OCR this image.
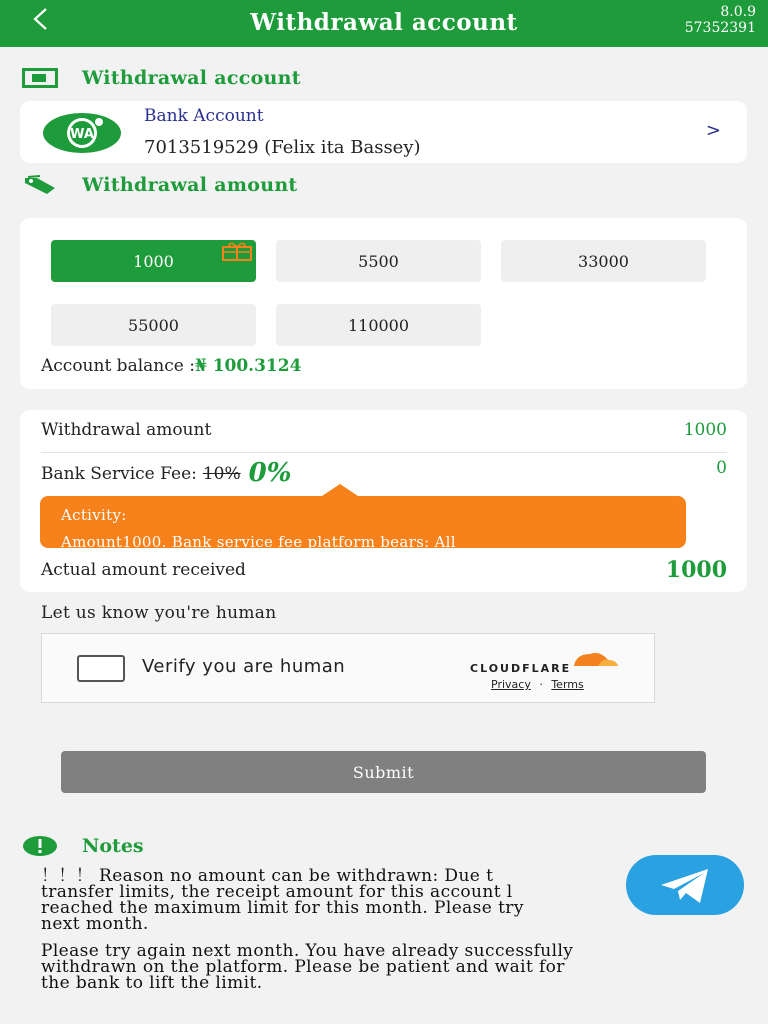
Withdrawal account	8.0.9
57352391
Withdrawal account
WA
Bank Account
7013519529 (Felix ita Bassey)
>
Withdrawal amount
1000	5500	33000
55000	110000
Account balance :₦ 100.3124
Withdrawal amount	1000
Bank Service Fee: 10% 0%	0
Activity:
Amount1000. Bank service fee platform bears: All
Actual amount received	1000
Let us know you're human
Verify you are human	CLOUDFLARE
Privacy · Terms
Submit
Notes
！！！ Reason no amount can be withdrawn: Due t
transfer limits, the receipt amount for this account l
reached the maximum limit for this month. Please try
next month.
Please try again next month. You have already successfully
withdrawn on the platform. Please be patient and wait for
the bank to lift the limit.
